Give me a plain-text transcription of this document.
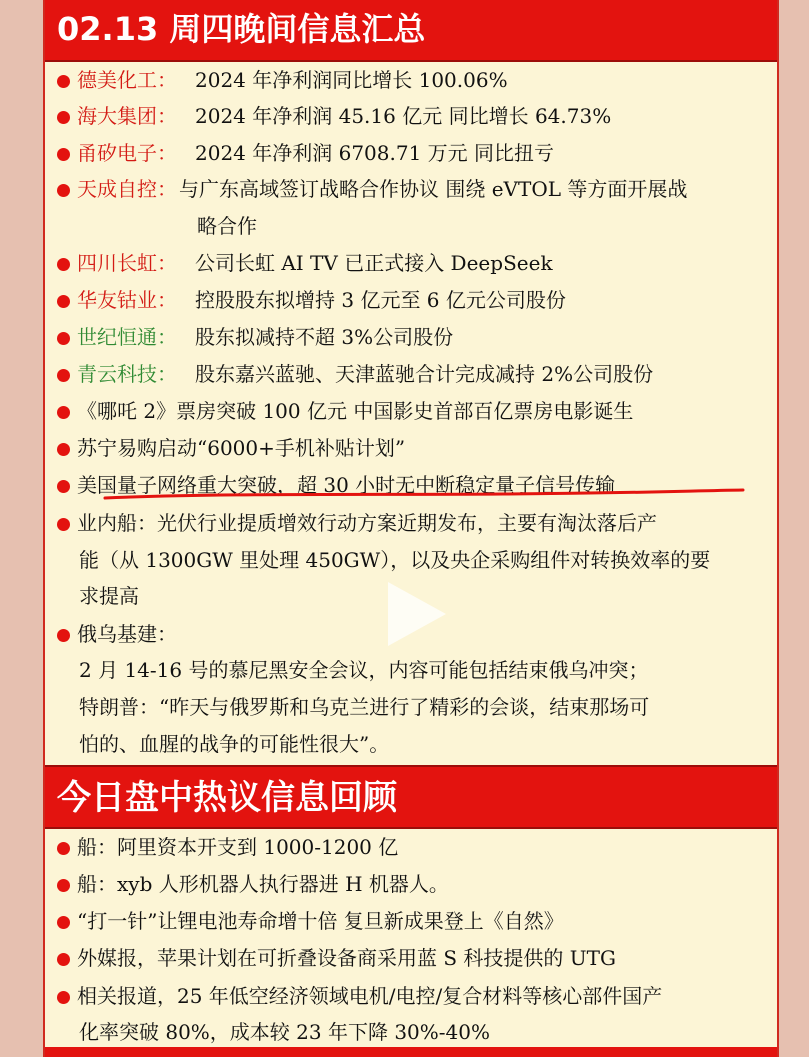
02.13 周四晚间信息汇总
德美化工： 2024 年净利润同比增长 100.06%
海大集团： 2024 年净利润 45.16 亿元 同比增长 64.73%
甬矽电子： 2024 年净利润 6708.71 万元 同比扭亏
天成自控： 与广东高域签订战略合作协议 围绕 eVTOL 等方面开展战
略合作
四川长虹： 公司长虹 AI TV 已正式接入 DeepSeek
华友钴业： 控股股东拟增持 3 亿元至 6 亿元公司股份
世纪恒通： 股东拟减持不超 3%公司股份
青云科技： 股东嘉兴蓝驰、天津蓝驰合计完成减持 2%公司股份
《哪吒 2》票房突破 100 亿元 中国影史首部百亿票房电影诞生
苏宁易购启动“6000+手机补贴计划”
美国量子网络重大突破，超 30 小时无中断稳定量子信号传输
业内船：光伏行业提质增效行动方案近期发布，主要有淘汰落后产
能（从 1300GW 里处理 450GW），以及央企采购组件对转换效率的要
求提高
俄乌基建：
2 月 14-16 号的慕尼黑安全会议，内容可能包括结束俄乌冲突；
特朗普：“昨天与俄罗斯和乌克兰进行了精彩的会谈，结束那场可
怕的、血腥的战争的可能性很大”。
今日盘中热议信息回顾
船：阿里资本开支到 1000-1200 亿
船：xyb 人形机器人执行器进 H 机器人。
“打一针”让锂电池寿命增十倍 复旦新成果登上《自然》
外媒报，苹果计划在可折叠设备商采用蓝 S 科技提供的 UTG
相关报道，25 年低空经济领域电机/电控/复合材料等核心部件国产
化率突破 80%，成本较 23 年下降 30%-40%
